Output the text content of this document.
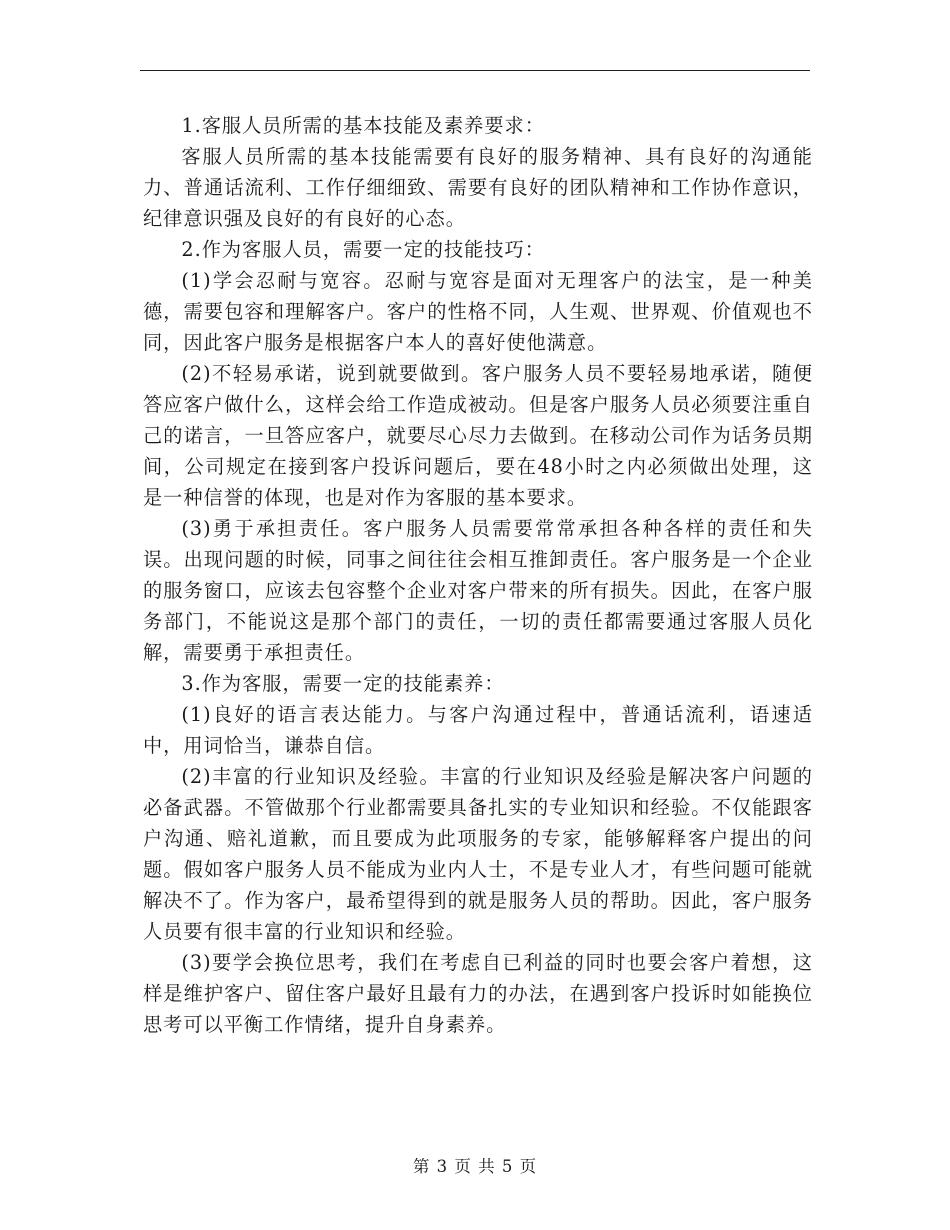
1.客服人员所需的基本技能及素养要求：

客服人员所需的基本技能需要有良好的服务精神、具有良好的沟通能力、普通话流利、工作仔细细致、需要有良好的团队精神和工作协作意识，纪律意识强及良好的有良好的心态。

2.作为客服人员，需要一定的技能技巧：

(1)学会忍耐与宽容。忍耐与宽容是面对无理客户的法宝，是一种美德，需要包容和理解客户。客户的性格不同，人生观、世界观、价值观也不同，因此客户服务是根据客户本人的喜好使他满意。

(2)不轻易承诺，说到就要做到。客户服务人员不要轻易地承诺，随便答应客户做什么，这样会给工作造成被动。但是客户服务人员必须要注重自己的诺言，一旦答应客户，就要尽心尽力去做到。在移动公司作为话务员期间，公司规定在接到客户投诉问题后，要在48小时之内必须做出处理，这是一种信誉的体现，也是对作为客服的基本要求。

(3)勇于承担责任。客户服务人员需要常常承担各种各样的责任和失误。出现问题的时候，同事之间往往会相互推卸责任。客户服务是一个企业的服务窗口，应该去包容整个企业对客户带来的所有损失。因此，在客户服务部门，不能说这是那个部门的责任，一切的责任都需要通过客服人员化解，需要勇于承担责任。

3.作为客服，需要一定的技能素养：

(1)良好的语言表达能力。与客户沟通过程中，普通话流利，语速适中，用词恰当，谦恭自信。

(2)丰富的行业知识及经验。丰富的行业知识及经验是解决客户问题的必备武器。不管做那个行业都需要具备扎实的专业知识和经验。不仅能跟客户沟通、赔礼道歉，而且要成为此项服务的专家，能够解释客户提出的问题。假如客户服务人员不能成为业内人士，不是专业人才，有些问题可能就解决不了。作为客户，最希望得到的就是服务人员的帮助。因此，客户服务人员要有很丰富的行业知识和经验。

(3)要学会换位思考，我们在考虑自已利益的同时也要会客户着想，这样是维护客户、留住客户最好且最有力的办法，在遇到客户投诉时如能换位思考可以平衡工作情绪，提升自身素养。

第 3 页 共 5 页
